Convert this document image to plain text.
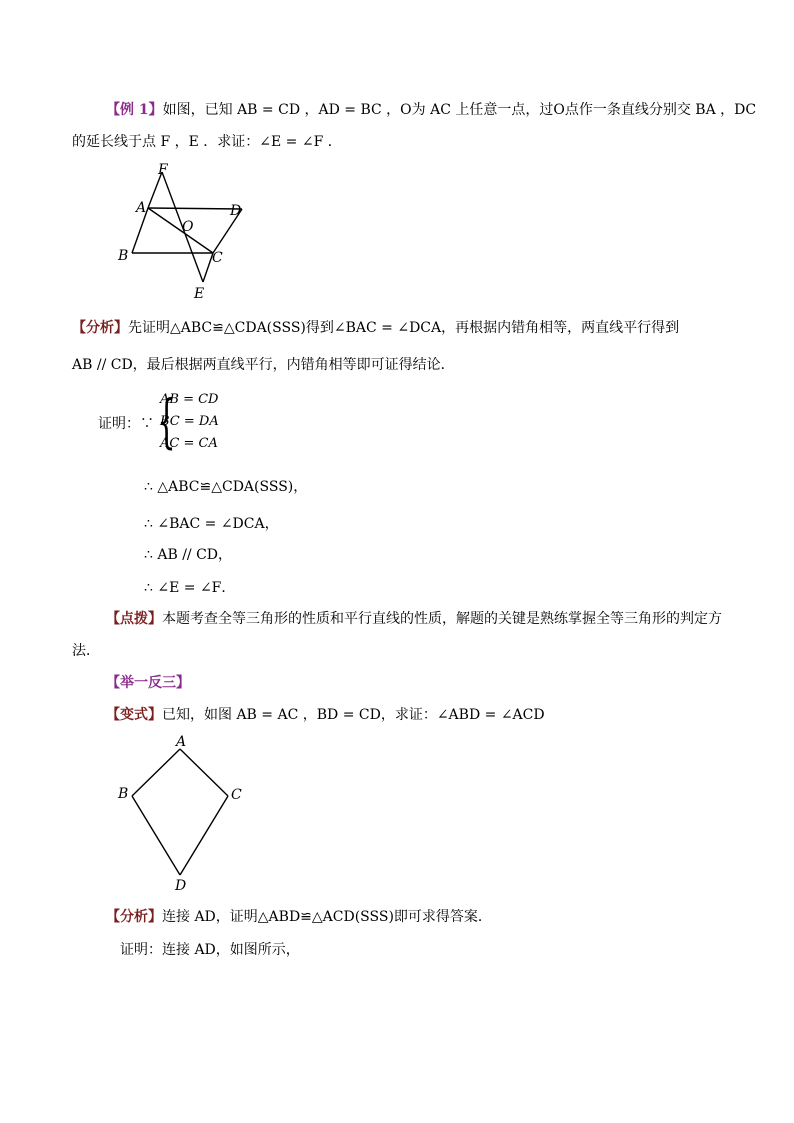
【例 1】如图，已知 AB = CD ，AD = BC ，O为 AC 上任意一点，过O点作一条直线分别交 BA ，DC
的延长线于点 F ，E ．求证：∠E = ∠F ．
F
A	D
O
B	C
E
【分析】先证明△ABC≌△CDA(SSS)得到∠BAC = ∠DCA，再根据内错角相等，两直线平行得到
AB // CD，最后根据两直线平行，内错角相等即可证得结论．
证明：∵ {
AB = CD
BC = DA
AC = CA
∴ △ABC≌△CDA(SSS)，
∴ ∠BAC = ∠DCA，
∴ AB // CD，
∴ ∠E = ∠F．
【点拨】本题考查全等三角形的性质和平行直线的性质，解题的关键是熟练掌握全等三角形的判定方
法．
【举一反三】
【变式】已知，如图 AB = AC ，BD = CD，求证：∠ABD = ∠ACD
A
B	C
D
【分析】连接 AD，证明△ABD≌△ACD(SSS)即可求得答案．
证明：连接 AD，如图所示，
